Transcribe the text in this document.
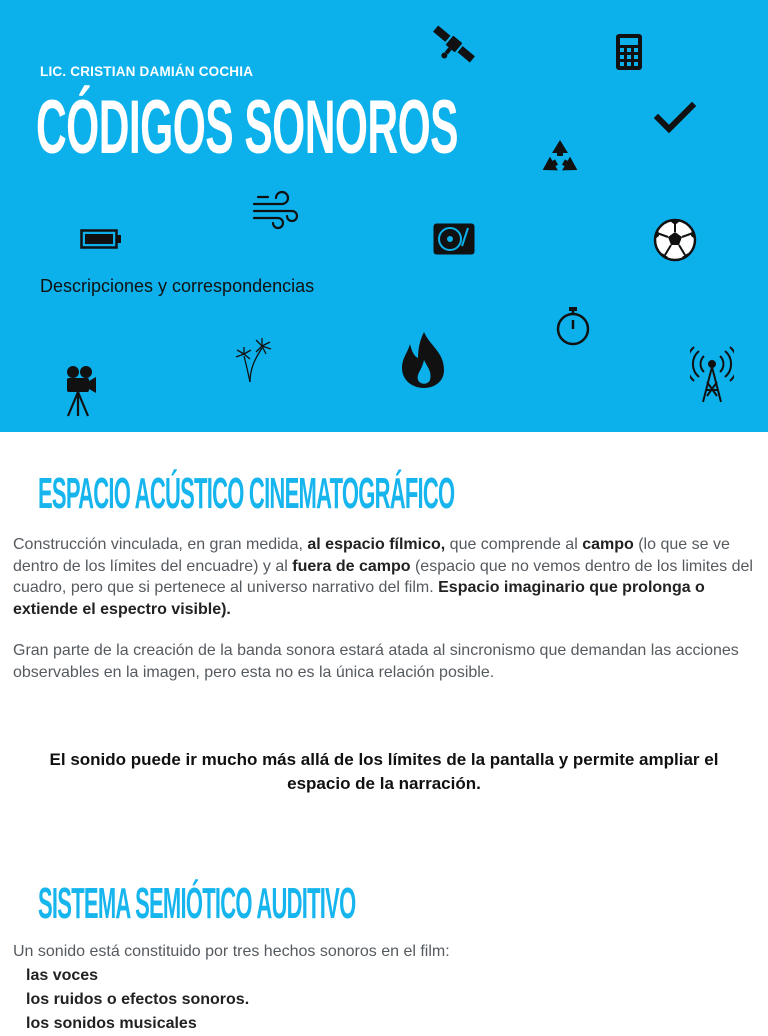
LIC. CRISTIAN DAMIÁN COCHIA
CÓDIGOS SONOROS
Descripciones y correspondencias
ESPACIO ACÚSTICO CINEMATOGRÁFICO

Construcción vinculada, en gran medida, al espacio fílmico, que comprende al campo (lo que se ve dentro de los límites del encuadre) y al fuera de campo (espacio que no vemos dentro de los limites del cuadro, pero que si pertenece al universo narrativo del film. Espacio imaginario que prolonga o extiende el espectro visible).

Gran parte de la creación de la banda sonora estará atada al sincronismo que demandan las acciones observables en la imagen, pero esta no es la única relación posible.

El sonido puede ir mucho más allá de los límites de la pantalla y permite ampliar el espacio de la narración.

SISTEMA SEMIÓTICO AUDITIVO

Un sonido está constituido por tres hechos sonoros en el film:

las voces
los ruidos o efectos sonoros.
los sonidos musicales
